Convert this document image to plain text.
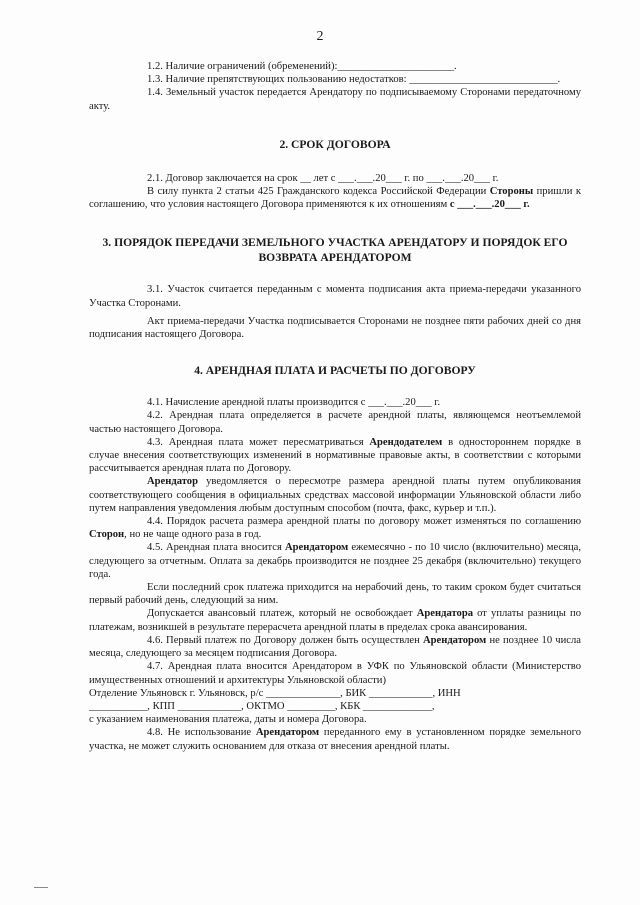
2

1.2. Наличие ограничений (обременений):______________________.

1.3. Наличие препятствующих пользованию недостатков: ____________________________.

1.4. Земельный участок передается Арендатору по подписываемому Сторонами передаточному акту.

2. СРОК ДОГОВОРА

2.1. Договор заключается на срок __ лет с ___.___.20___ г. по ___.___.20___ г.

В силу пункта 2 статьи 425 Гражданского кодекса Российской Федерации Стороны пришли к соглашению, что условия настоящего Договора применяются к их отношениям с ___.___.20___ г.

3. ПОРЯДОК ПЕРЕДАЧИ ЗЕМЕЛЬНОГО УЧАСТКА АРЕНДАТОРУ И ПОРЯДОК ЕГО ВОЗВРАТА АРЕНДАТОРОМ

3.1. Участок считается переданным с момента подписания акта приема-передачи указанного Участка Сторонами.

Акт приема-передачи Участка подписывается Сторонами не позднее пяти рабочих дней со дня подписания настоящего Договора.

4. АРЕНДНАЯ ПЛАТА И РАСЧЕТЫ ПО ДОГОВОРУ

4.1. Начисление арендной платы производится с ___.___.20___ г.

4.2. Арендная плата определяется в расчете арендной платы, являющемся неотъемлемой частью настоящего Договора.

4.3. Арендная плата может пересматриваться Арендодателем в одностороннем порядке в случае внесения соответствующих изменений в нормативные правовые акты, в соответствии с которыми рассчитывается арендная плата по Договору.

Арендатор уведомляется о пересмотре размера арендной платы путем опубликования соответствующего сообщения в официальных средствах массовой информации Ульяновской области либо путем направления уведомления любым доступным способом (почта, факс, курьер и т.п.).

4.4. Порядок расчета размера арендной платы по договору может изменяться по соглашению Сторон, но не чаще одного раза в год.

4.5. Арендная плата вносится Арендатором ежемесячно - по 10 число (включительно) месяца, следующего за отчетным. Оплата за декабрь производится не позднее 25 декабря (включительно) текущего года.

Если последний срок платежа приходится на нерабочий день, то таким сроком будет считаться первый рабочий день, следующий за ним.

Допускается авансовый платеж, который не освобождает Арендатора от уплаты разницы по платежам, возникшей в результате перерасчета арендной платы в пределах срока авансирования.

4.6. Первый платеж по Договору должен быть осуществлен Арендатором не позднее 10 числа месяца, следующего за месяцем подписания Договора.

4.7. Арендная плата вносится Арендатором в УФК по Ульяновской области (Министерство имущественных отношений и архитектуры Ульяновской области)

Отделение Ульяновск г. Ульяновск, р/с ______________, БИК ____________, ИНН

___________, КПП ____________, ОКТМО _________, КБК _____________,

с указанием наименования платежа, даты и номера Договора.

4.8. Не использование Арендатором переданного ему в установленном порядке земельного участка, не может служить основанием для отказа от внесения арендной платы.
